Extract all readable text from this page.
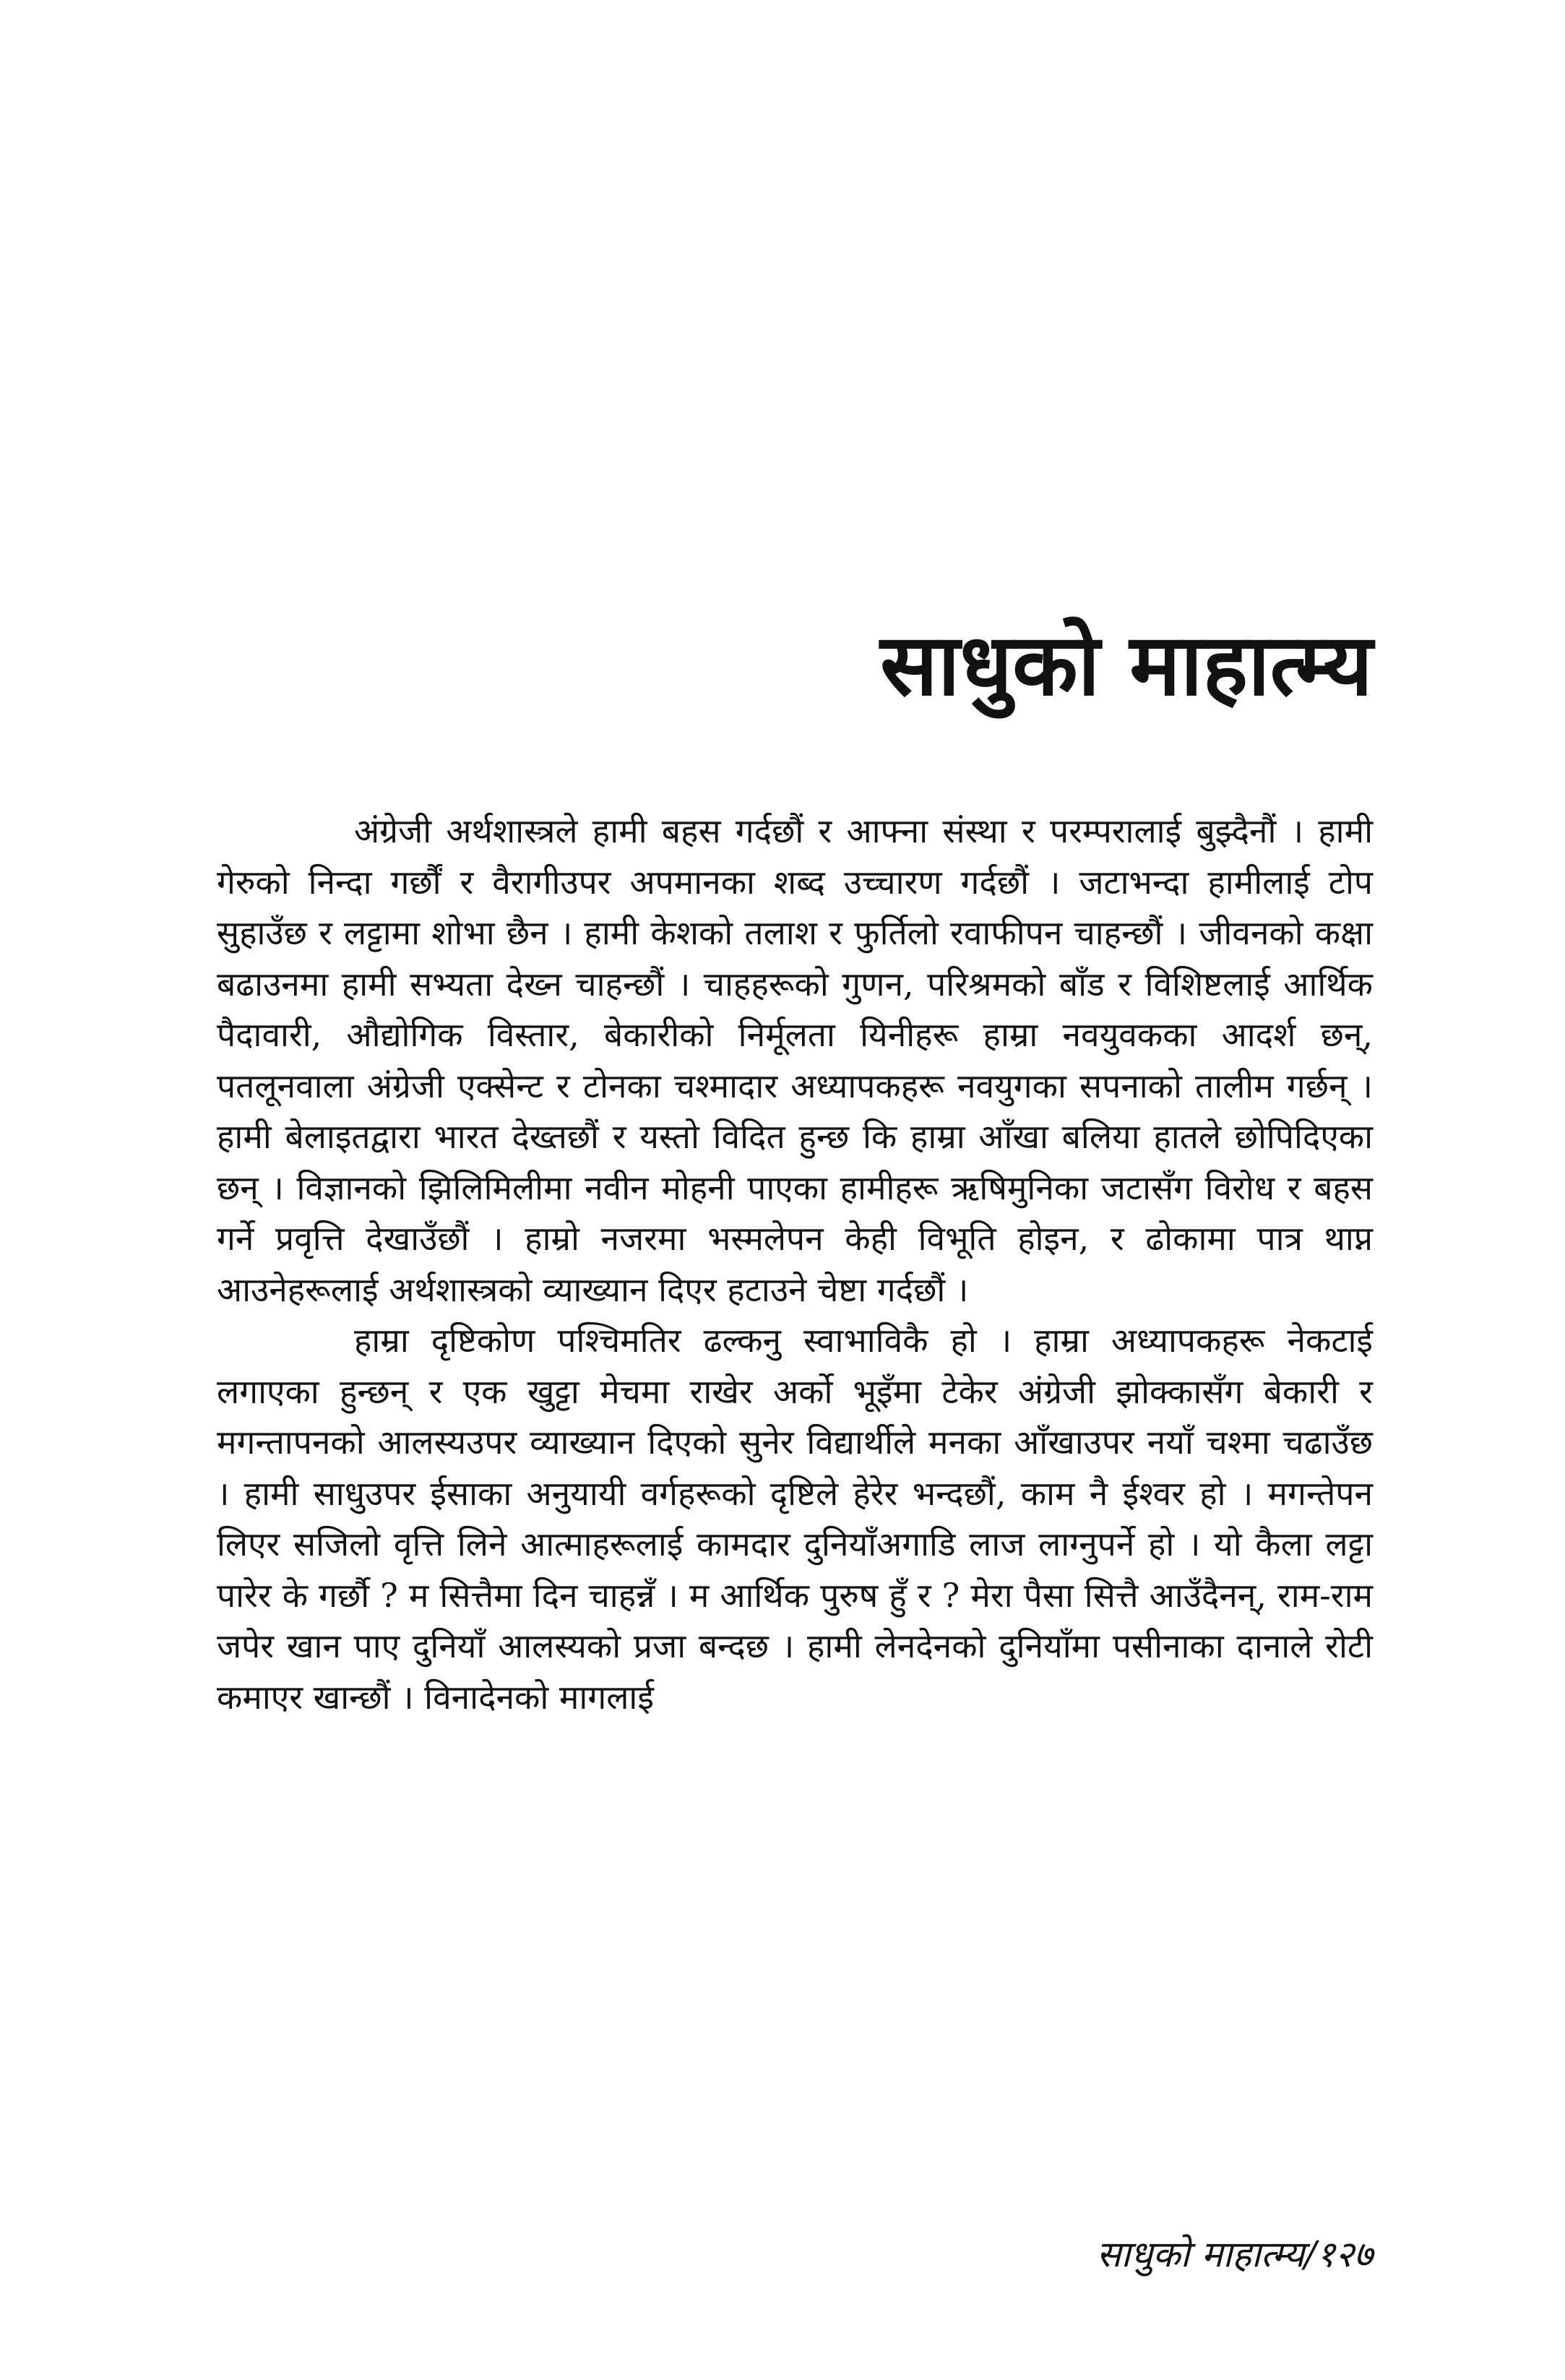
साधुको माहात्म्य

अंग्रेजी अर्थशास्त्रले हामी बहस गर्दछौं र आफ्ना संस्था र परम्परालाई बुझ्दैनौं । हामी गेरुको निन्दा गर्छौं र वैरागीउपर अपमानका शब्द उच्चारण गर्दछौं । जटाभन्दा हामीलाई टोप सुहाउँछ र लट्टामा शोभा छैन । हामी केशको तलाश र फुर्तिलो रवाफीपन चाहन्छौं । जीवनको कक्षा बढाउनमा हामी सभ्यता देख्न चाहन्छौं । चाहहरूको गुणन, परिश्रमको बाँड र विशिष्टलाई आर्थिक पैदावारी, औद्योगिक विस्तार, बेकारीको निर्मूलता यिनीहरू हाम्रा नवयुवकका आदर्श छन्, पतलूनवाला अंग्रेजी एक्सेन्ट र टोनका चश्मादार अध्यापकहरू नवयुगका सपनाको तालीम गर्छन् । हामी बेलाइतद्वारा भारत देख्तछौं र यस्तो विदित हुन्छ कि हाम्रा आँखा बलिया हातले छोपिदिएका छन् । विज्ञानको झिलिमिलीमा नवीन मोहनी पाएका हामीहरू ऋषिमुनिका जटासँग विरोध र बहस गर्ने प्रवृत्ति देखाउँछौं । हाम्रो नजरमा भस्मलेपन केही विभूति होइन, र ढोकामा पात्र थाप्न आउनेहरूलाई अर्थशास्त्रको व्याख्यान दिएर हटाउने चेष्टा गर्दछौं ।

हाम्रा दृष्टिकोण पश्चिमतिर ढल्कनु स्वाभाविकै हो । हाम्रा अध्यापकहरू नेकटाई लगाएका हुन्छन् र एक खुट्टा मेचमा राखेर अर्को भूइँमा टेकेर अंग्रेजी झोक्कासँग बेकारी र मगन्तापनको आलस्यउपर व्याख्यान दिएको सुनेर विद्यार्थीले मनका आँखाउपर नयाँ चश्मा चढाउँछ । हामी साधुउपर ईसाका अनुयायी वर्गहरूको दृष्टिले हेरेर भन्दछौं, काम नै ईश्वर हो । मगन्तेपन लिएर सजिलो वृत्ति लिने आत्माहरूलाई कामदार दुनियाँअगाडि लाज लाग्नुपर्ने हो । यो कैला लट्टा पारेर के गर्छौ ? म सित्तैमा दिन चाहन्नँ । म आर्थिक पुरुष हुँ र ? मेरा पैसा सित्तै आउँदैनन्, राम-राम जपेर खान पाए दुनियाँ आलस्यको प्रजा बन्दछ । हामी लेनदेनको दुनियाँमा पसीनाका दानाले रोटी कमाएर खान्छौं । विनादेनको मागलाई

साधुको माहात्म्य/१२७
